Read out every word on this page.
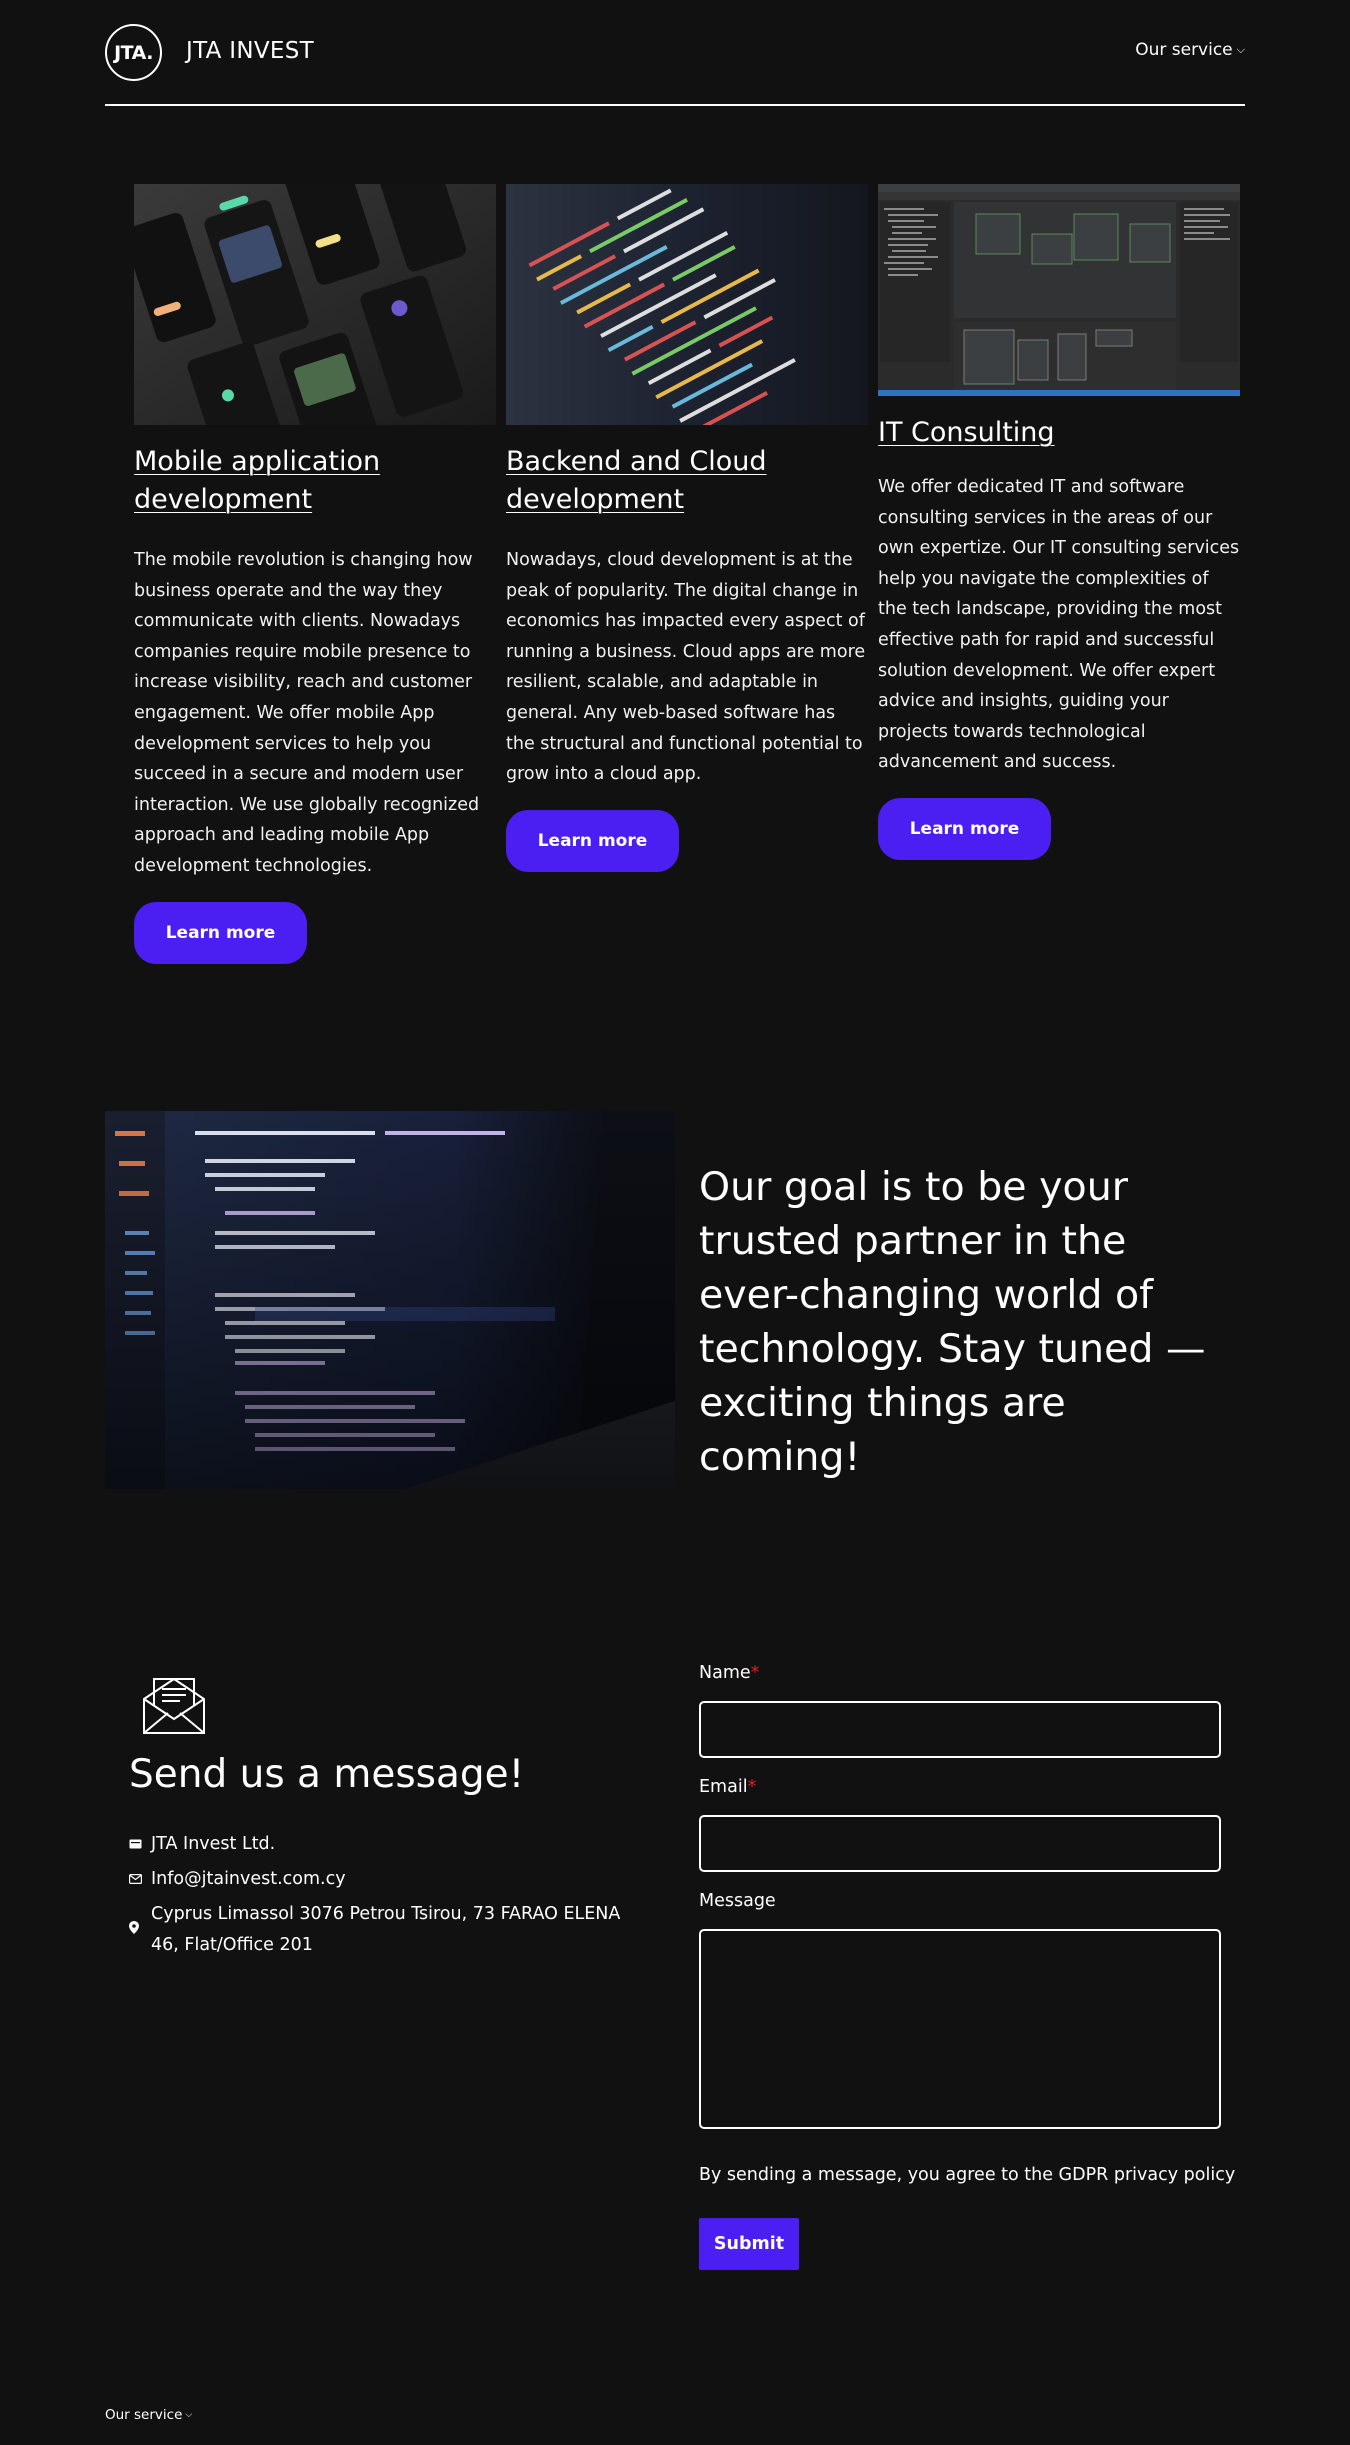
JTA. JTA INVEST	Our service ⌵
Mobile application development

The mobile revolution is changing how business operate and the way they communicate with clients. Nowadays companies require mobile presence to increase visibility, reach and customer engagement. We offer mobile App development services to help you succeed in a secure and modern user interaction. We use globally recognized approach and leading mobile App development technologies.

Learn more
Backend and Cloud development

Nowadays, cloud development is at the peak of popularity. The digital change in economics has impacted every aspect of running a business. Cloud apps are more resilient, scalable, and adaptable in general. Any web-based software has the structural and functional potential to grow into a cloud app.

Learn more
IT Consulting

We offer dedicated IT and software consulting services in the areas of our own expertize. Our IT consulting services help you navigate the complexities of the tech landscape, providing the most effective path for rapid and successful solution development. We offer expert advice and insights, guiding your projects towards technological advancement and success.

Learn more
Our goal is to be your trusted partner in the ever-changing world of technology. Stay tuned — exciting things are coming!
Send us a message!
JTA Invest Ltd.
Info@jtainvest.com.cy
Cyprus Limassol 3076 Petrou Tsirou, 73 FARAO ELENA 46, Flat/Office 201
Name*
Email*
Message
By sending a message, you agree to the GDPR privacy policy
Submit
Our service ⌵
